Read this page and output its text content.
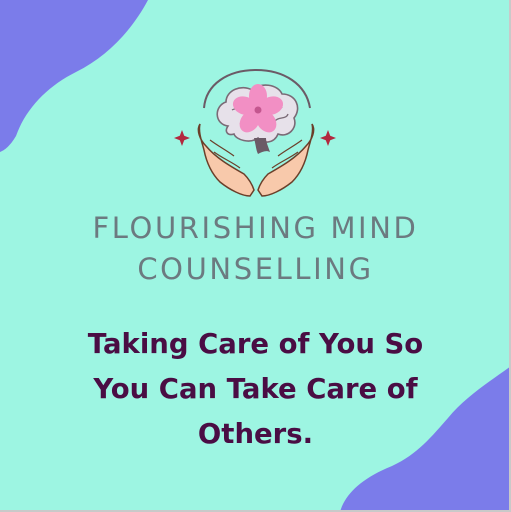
FLOURISHING MIND

COUNSELLING

Taking Care of You So
You Can Take Care of
Others.
